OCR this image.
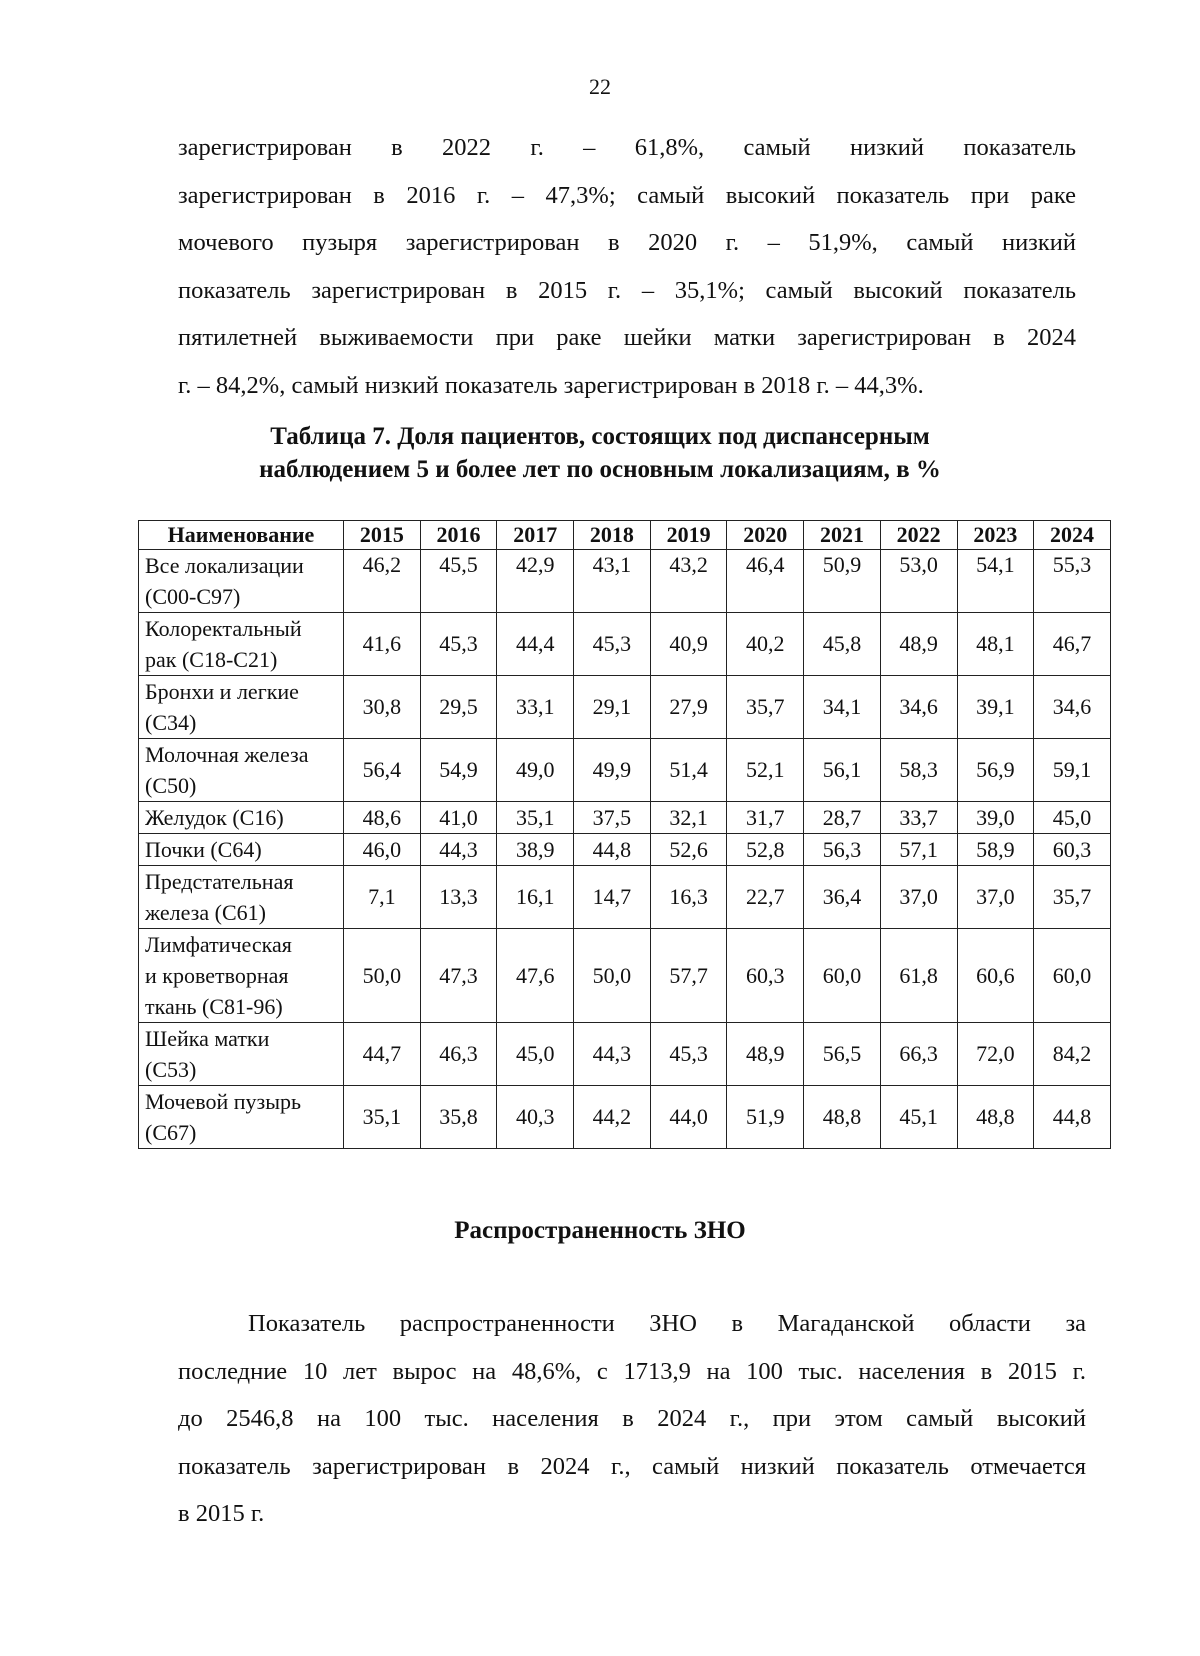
22
зарегистрирован в 2022 г. – 61,8%, самый низкий показатель
зарегистрирован в 2016 г. – 47,3%; самый высокий показатель при раке
мочевого пузыря зарегистрирован в 2020 г. – 51,9%, самый низкий
показатель зарегистрирован в 2015 г. – 35,1%; самый высокий показатель
пятилетней выживаемости при раке шейки матки зарегистрирован в 2024
г. – 84,2%, самый низкий показатель зарегистрирован в 2018 г. – 44,3%.
Таблица 7. Доля пациентов, состоящих под диспансерным
наблюдением 5 и более лет по основным локализациям, в %
Наименование	2015	2016	2017	2018	2019	2020	2021	2022	2023	2024

Все локализации
(С00-С97)	46,2	45,5	42,9	43,1	43,2	46,4	50,9	53,0	54,1	55,3

Колоректальный
рак (С18-С21)	41,6	45,3	44,4	45,3	40,9	40,2	45,8	48,9	48,1	46,7

Бронхи и легкие
(С34)	30,8	29,5	33,1	29,1	27,9	35,7	34,1	34,6	39,1	34,6

Молочная железа
(С50)	56,4	54,9	49,0	49,9	51,4	52,1	56,1	58,3	56,9	59,1

Желудок (С16)	48,6	41,0	35,1	37,5	32,1	31,7	28,7	33,7	39,0	45,0

Почки (С64)	46,0	44,3	38,9	44,8	52,6	52,8	56,3	57,1	58,9	60,3

Предстательная
железа (С61)	7,1	13,3	16,1	14,7	16,3	22,7	36,4	37,0	37,0	35,7

Лимфатическая
и кроветворная
ткань (С81-96)	50,0	47,3	47,6	50,0	57,7	60,3	60,0	61,8	60,6	60,0

Шейка матки
(С53)	44,7	46,3	45,0	44,3	45,3	48,9	56,5	66,3	72,0	84,2

Мочевой пузырь
(С67)	35,1	35,8	40,3	44,2	44,0	51,9	48,8	45,1	48,8	44,8
Распространенность ЗНО
Показатель распространенности ЗНО в Магаданской области за
последние 10 лет вырос на 48,6%, с 1713,9 на 100 тыс. населения в 2015 г.
до 2546,8 на 100 тыс. населения в 2024 г., при этом самый высокий
показатель зарегистрирован в 2024 г., самый низкий показатель отмечается
в 2015 г.
